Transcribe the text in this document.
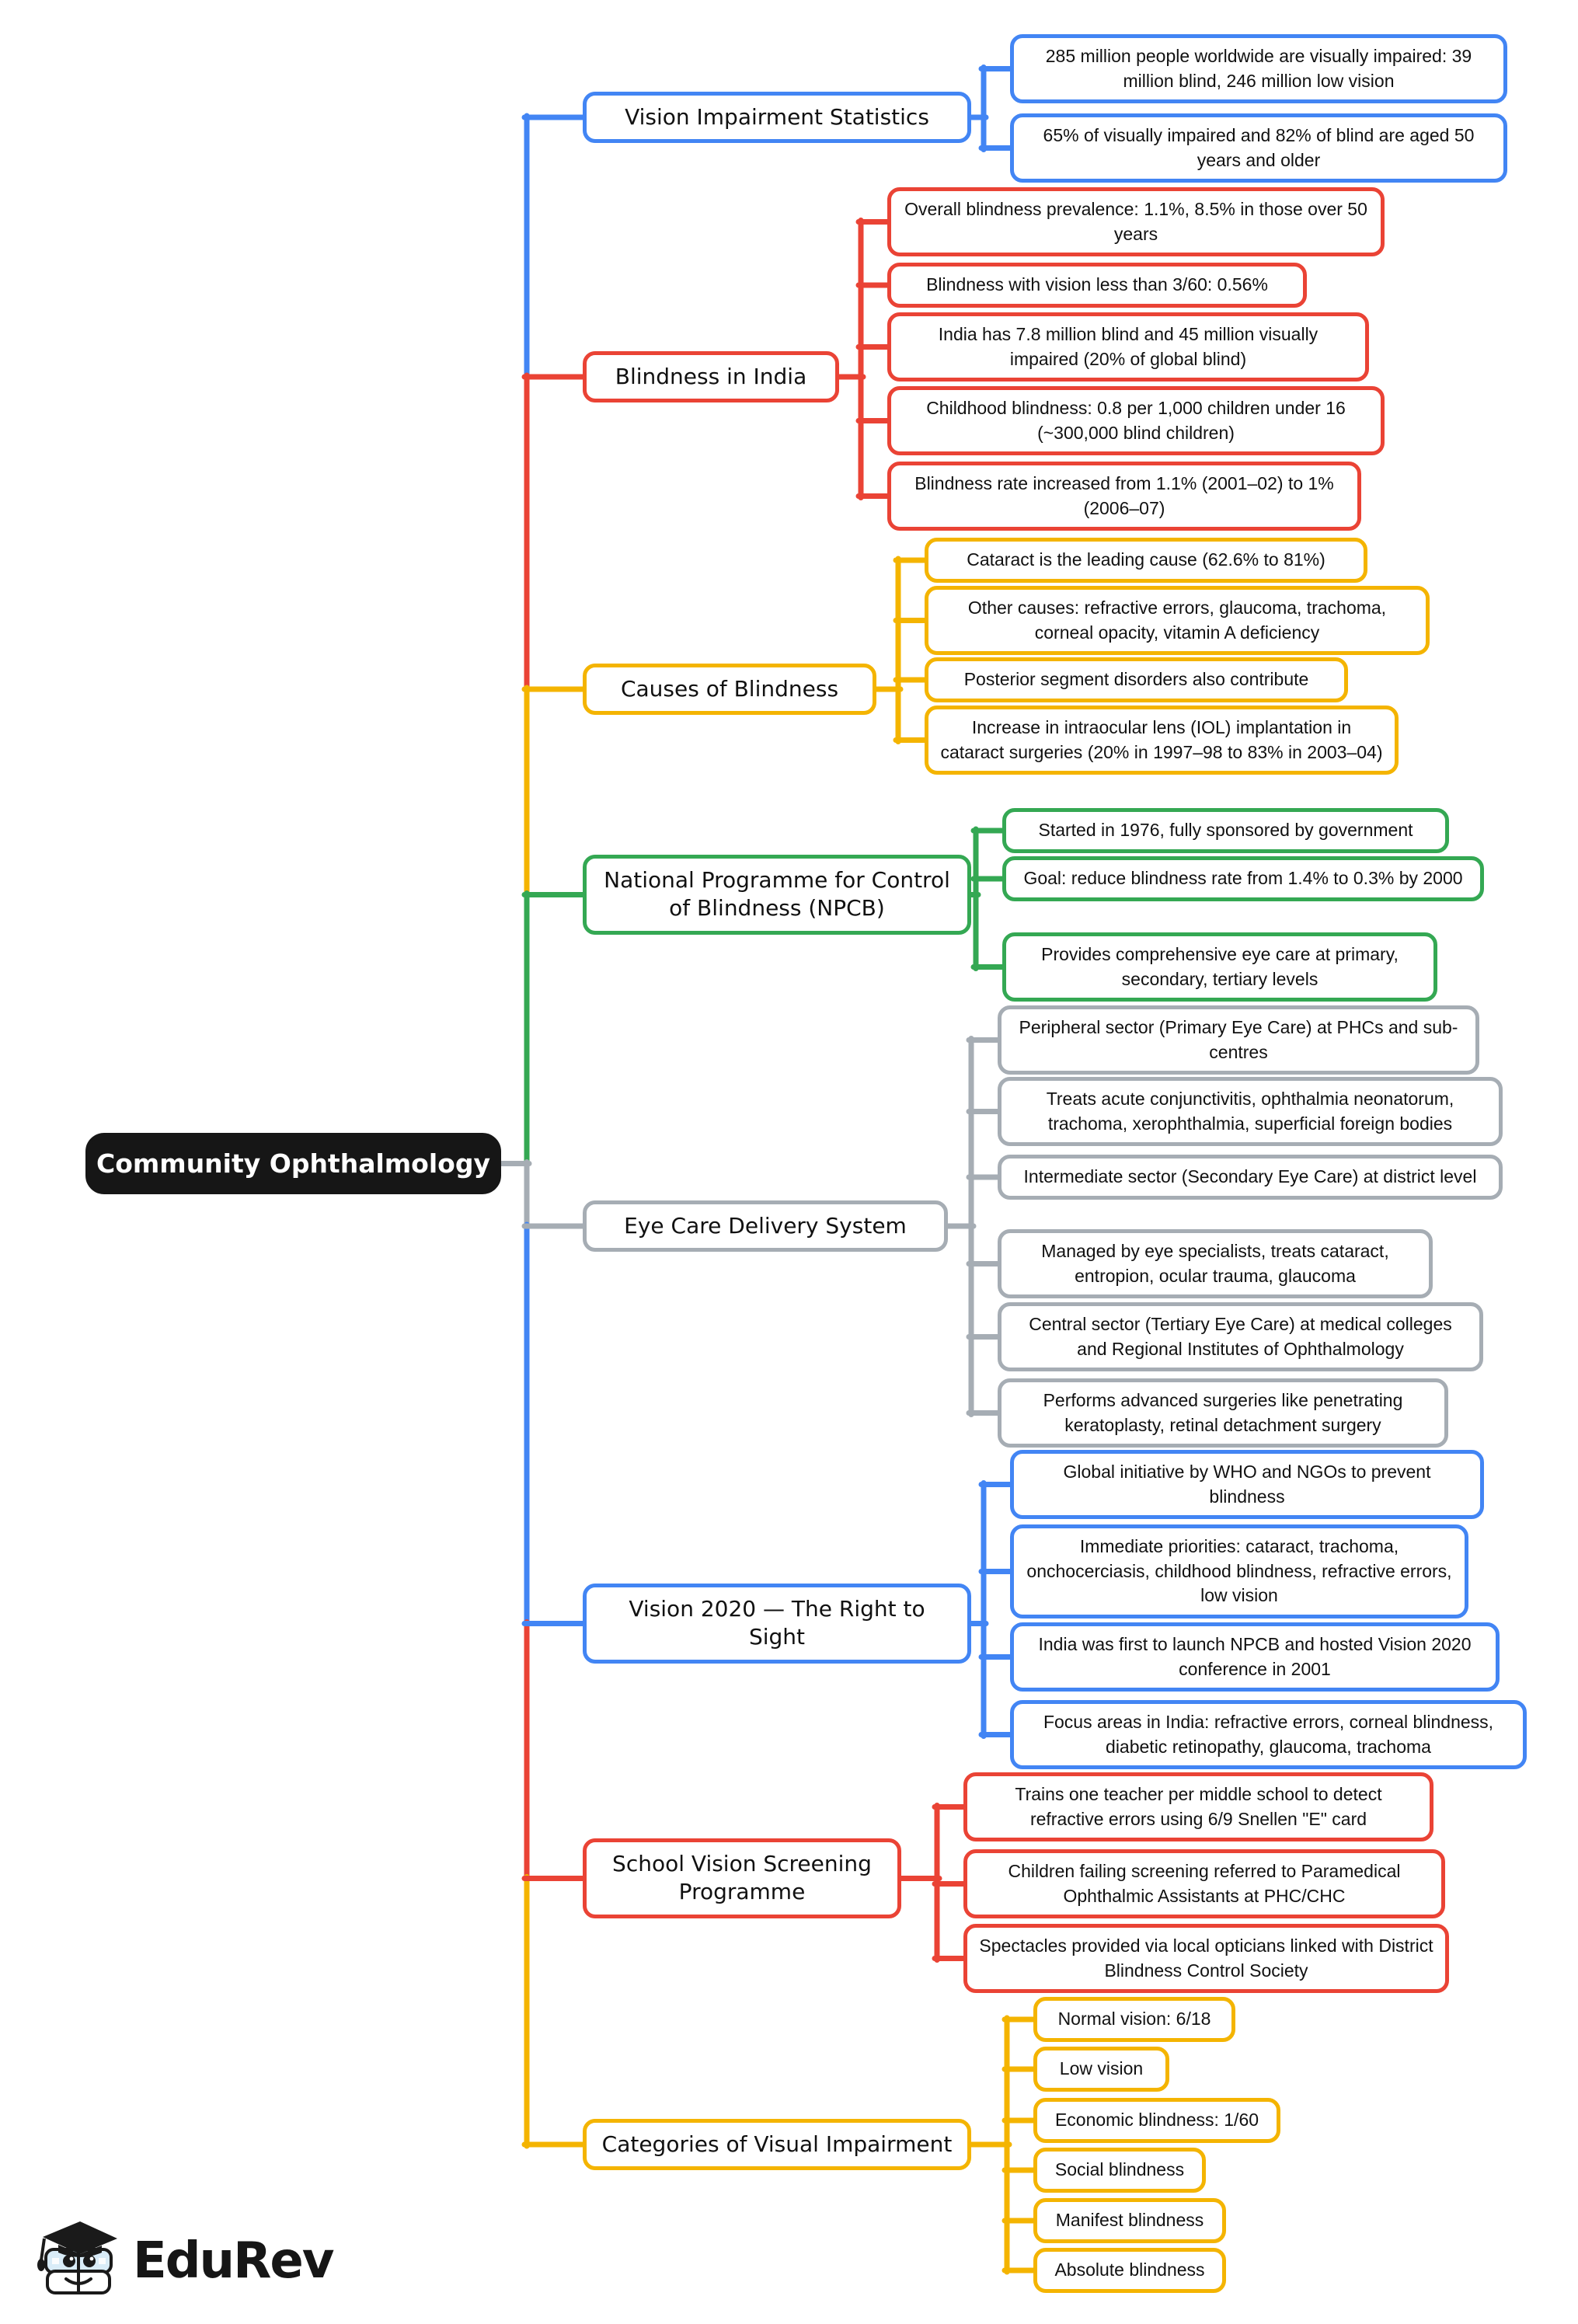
EduRev
Community Ophthalmology
Vision Impairment Statistics
285 million people worldwide are visually impaired: 39 million blind, 246 million low vision
65% of visually impaired and 82% of blind are aged 50 years and older
Blindness in India
Overall blindness prevalence: 1.1%, 8.5% in those over 50 years
Blindness with vision less than 3/60: 0.56%
India has 7.8 million blind and 45 million visually impaired (20% of global blind)
Childhood blindness: 0.8 per 1,000 children under 16 (~300,000 blind children)
Blindness rate increased from 1.1% (2001–02) to 1% (2006–07)
Causes of Blindness
Cataract is the leading cause (62.6% to 81%)
Other causes: refractive errors, glaucoma, trachoma, corneal opacity, vitamin A deficiency
Posterior segment disorders also contribute
Increase in intraocular lens (IOL) implantation in cataract surgeries (20% in 1997–98 to 83% in 2003–04)
National Programme for Control of Blindness (NPCB)
Started in 1976, fully sponsored by government
Goal: reduce blindness rate from 1.4% to 0.3% by 2000
Provides comprehensive eye care at primary, secondary, tertiary levels
Eye Care Delivery System
Peripheral sector (Primary Eye Care) at PHCs and sub-centres
Treats acute conjunctivitis, ophthalmia neonatorum, trachoma, xerophthalmia, superficial foreign bodies
Intermediate sector (Secondary Eye Care) at district level
Managed by eye specialists, treats cataract, entropion, ocular trauma, glaucoma
Central sector (Tertiary Eye Care) at medical colleges and Regional Institutes of Ophthalmology
Performs advanced surgeries like penetrating keratoplasty, retinal detachment surgery
Vision 2020 — The Right to Sight
Global initiative by WHO and NGOs to prevent blindness
Immediate priorities: cataract, trachoma, onchocerciasis, childhood blindness, refractive errors, low vision
India was first to launch NPCB and hosted Vision 2020 conference in 2001
Focus areas in India: refractive errors, corneal blindness, diabetic retinopathy, glaucoma, trachoma
School Vision Screening Programme
Trains one teacher per middle school to detect refractive errors using 6/9 Snellen "E" card
Children failing screening referred to Paramedical Ophthalmic Assistants at PHC/CHC
Spectacles provided via local opticians linked with District Blindness Control Society
Categories of Visual Impairment
Normal vision: 6/18
Low vision
Economic blindness: 1/60
Social blindness
Manifest blindness
Absolute blindness
